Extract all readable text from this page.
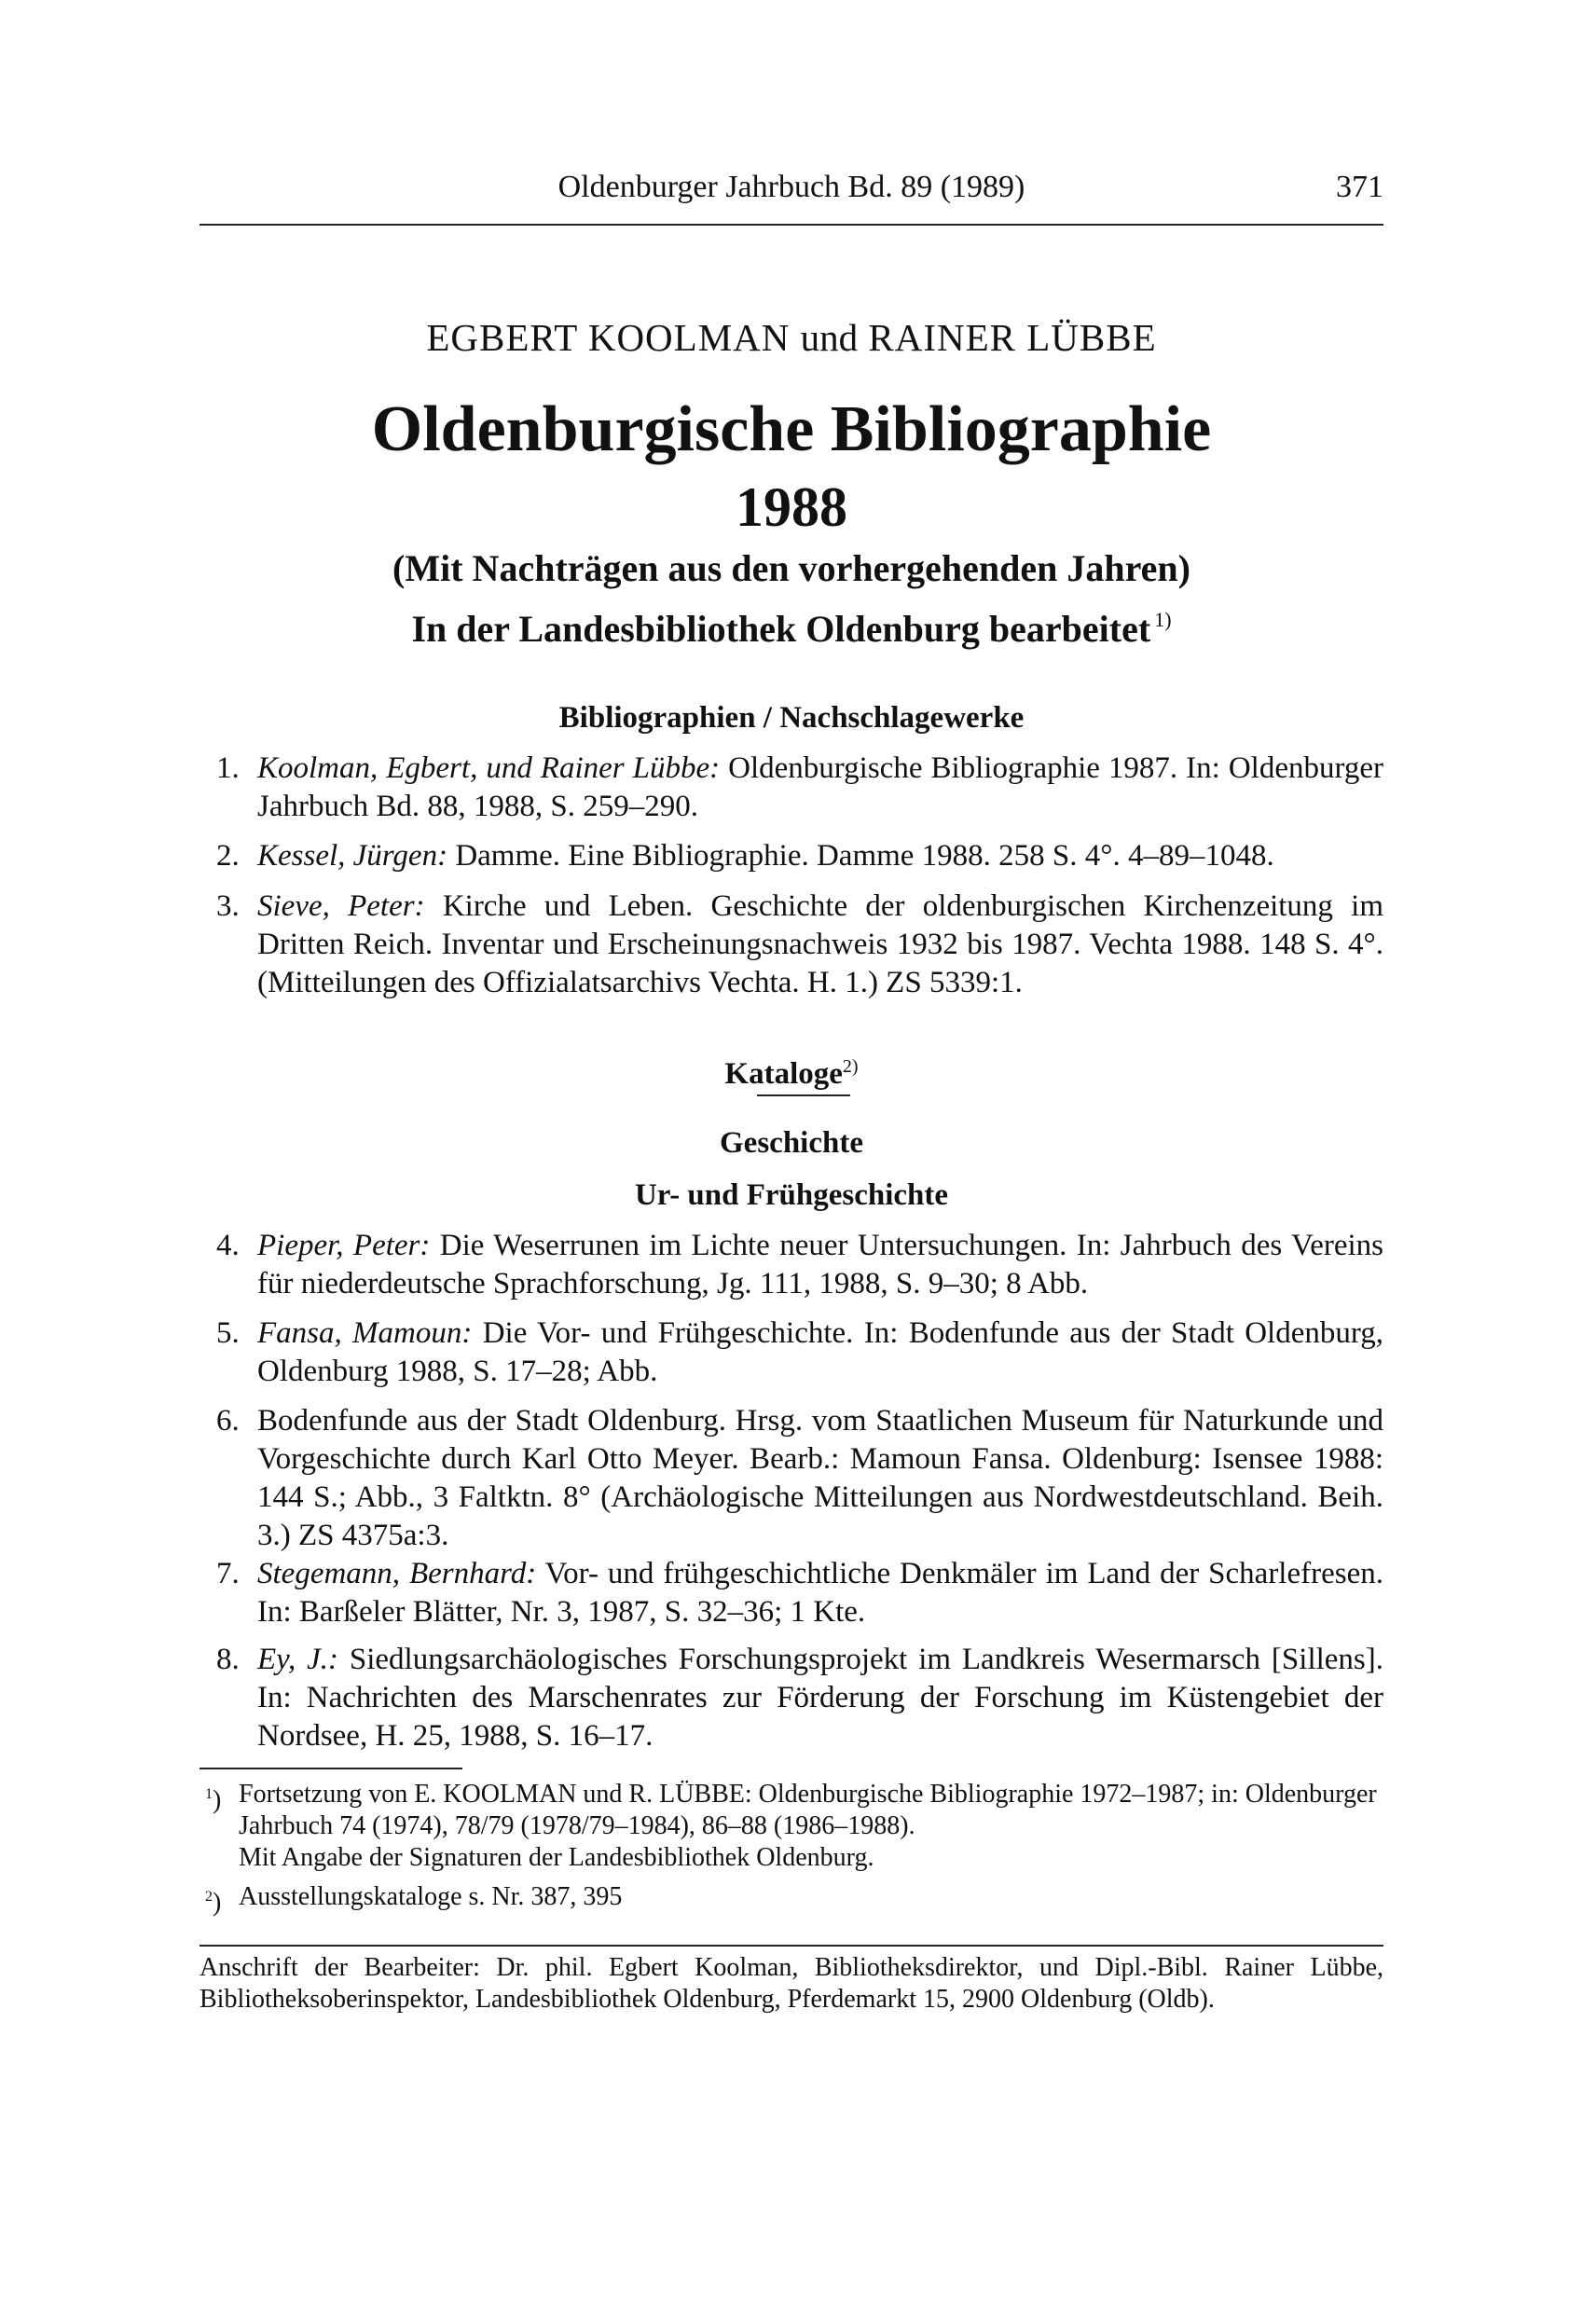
Oldenburger Jahrbuch Bd. 89 (1989)	371
EGBERT KOOLMAN und RAINER LÜBBE
Oldenburgische Bibliographie
1988
(Mit Nachträgen aus den vorhergehenden Jahren)
In der Landesbibliothek Oldenburg bearbeitet $^{1)}$
Bibliographien / Nachschlagewerke
1. Koolman, Egbert, und Rainer Lübbe: Oldenburgische Bibliographie 1987. In: Oldenburger Jahrbuch Bd. 88, 1988, S. 259–290.
2. Kessel, Jürgen: Damme. Eine Bibliographie. Damme 1988. 258 S. 4°. 4–89–1048.
3. Sieve, Peter: Kirche und Leben. Geschichte der oldenburgischen Kirchenzeitung im Dritten Reich. Inventar und Erscheinungsnachweis 1932 bis 1987. Vechta 1988. 148 S. 4°. (Mitteilungen des Offizialatsarchivs Vechta. H. 1.) ZS 5339:1.
Kataloge$^{2)}$
Geschichte
Ur- und Frühgeschichte
4. Pieper, Peter: Die Weserrunen im Lichte neuer Untersuchungen. In: Jahrbuch des Vereins für niederdeutsche Sprachforschung, Jg. 111, 1988, S. 9–30; 8 Abb.
5. Fansa, Mamoun: Die Vor- und Frühgeschichte. In: Bodenfunde aus der Stadt Oldenburg, Oldenburg 1988, S. 17–28; Abb.
6. Bodenfunde aus der Stadt Oldenburg. Hrsg. vom Staatlichen Museum für Naturkunde und Vorgeschichte durch Karl Otto Meyer. Bearb.: Mamoun Fansa. Oldenburg: Isensee 1988: 144 S.; Abb., 3 Faltktn. 8° (Archäologische Mitteilungen aus Nordwestdeutschland. Beih. 3.) ZS 4375a:3.
7. Stegemann, Bernhard: Vor- und frühgeschichtliche Denkmäler im Land der Scharlefresen. In: Barßeler Blätter, Nr. 3, 1987, S. 32–36; 1 Kte.
8. Ey, J.: Siedlungsarchäologisches Forschungsprojekt im Landkreis Wesermarsch [Sillens]. In: Nachrichten des Marschenrates zur Förderung der Forschung im Küstengebiet der Nordsee, H. 25, 1988, S. 16–17.
$^1$) Fortsetzung von E. KOOLMAN und R. LÜBBE: Oldenburgische Bibliographie 1972–1987; in: Oldenburger Jahrbuch 74 (1974), 78/79 (1978/79–1984), 86–88 (1986–1988).
Mit Angabe der Signaturen der Landesbibliothek Oldenburg.
$^2$) Ausstellungskataloge s. Nr. 387, 395
Anschrift der Bearbeiter: Dr. phil. Egbert Koolman, Bibliotheksdirektor, und Dipl.-Bibl. Rainer Lübbe, Bibliotheksoberinspektor, Landesbibliothek Oldenburg, Pferdemarkt 15, 2900 Oldenburg (Oldb).
